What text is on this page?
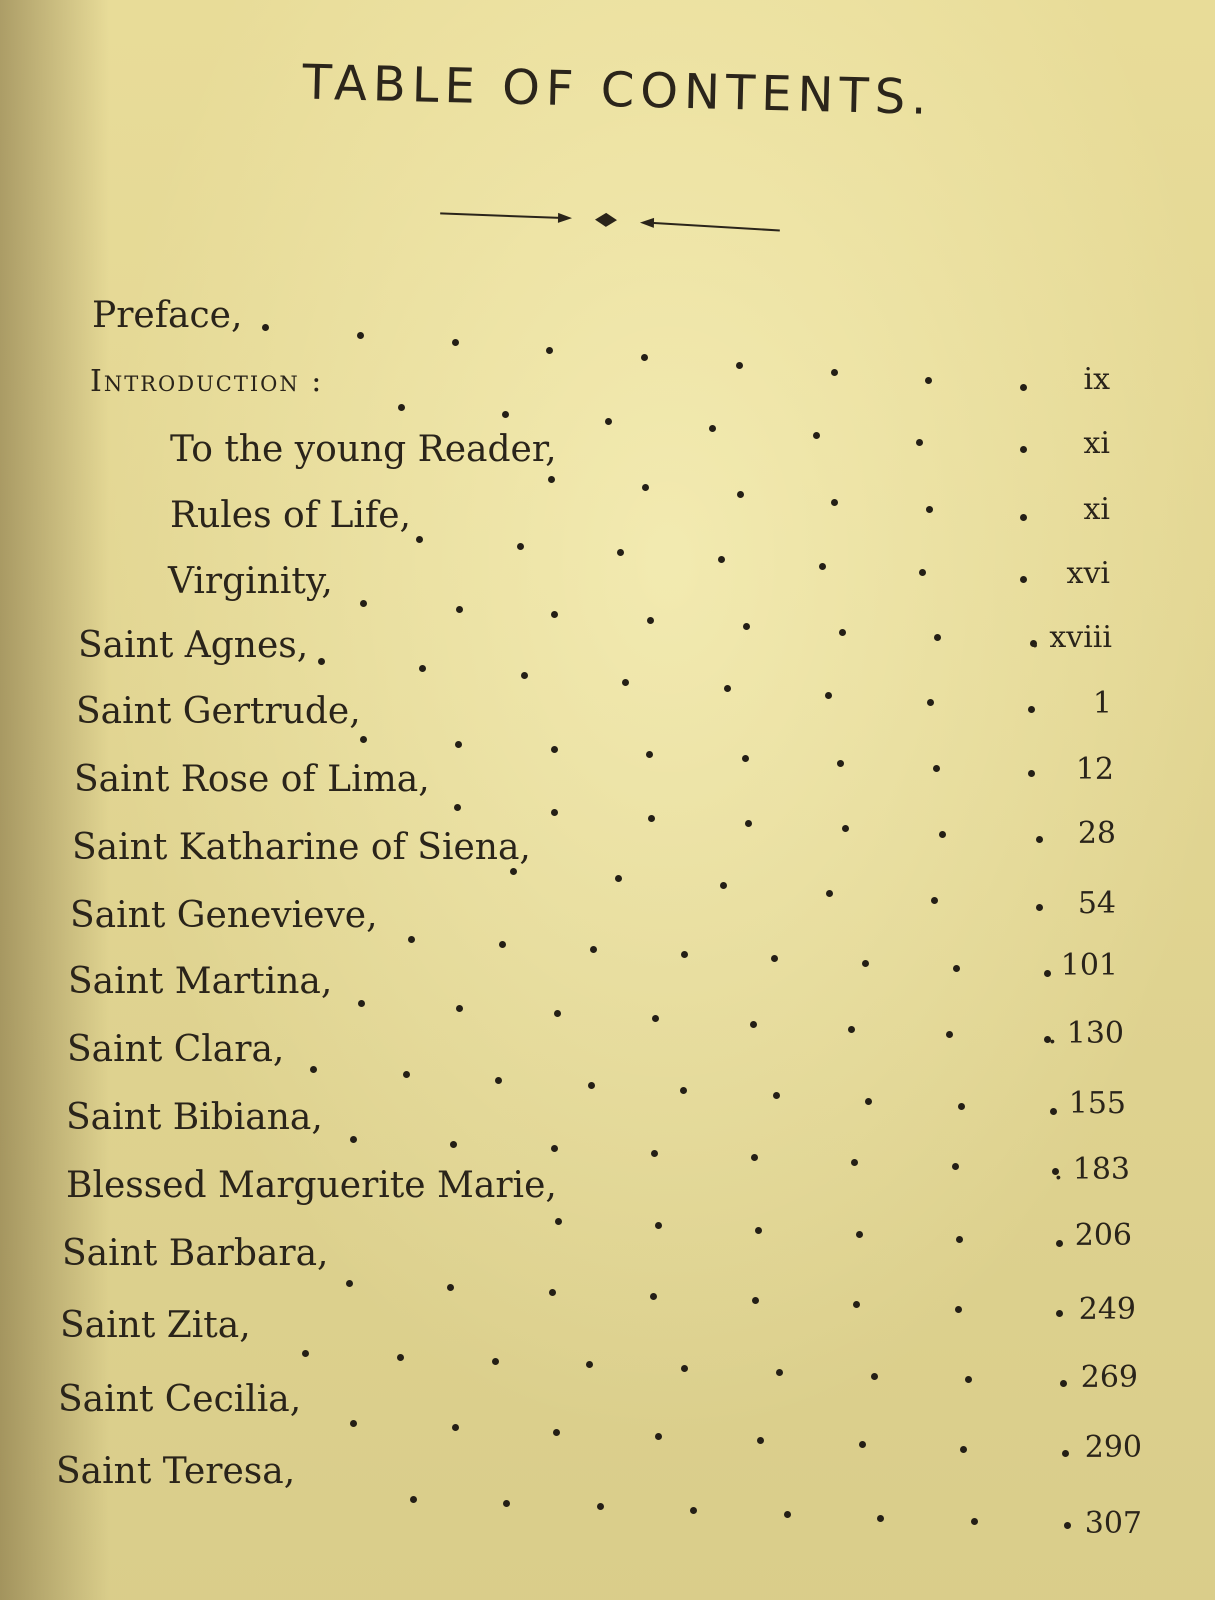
TABLE OF CONTENTS.
Preface,
Introduction :
To the young Reader,
Rules of Life,
Virginity,
Saint Agnes,
Saint Gertrude,
Saint Rose of Lima,
Saint Katharine of Siena,
Saint Genevieve,
Saint Martina,
Saint Clara,
Saint Bibiana,
Blessed Marguerite Marie,
Saint Barbara,
Saint Zita,
Saint Cecilia,
Saint Teresa,
ix
xi
xi
xvi
. xviii
1
12
28
54
101
. 130
155
. 183
206
249
269
290
307
